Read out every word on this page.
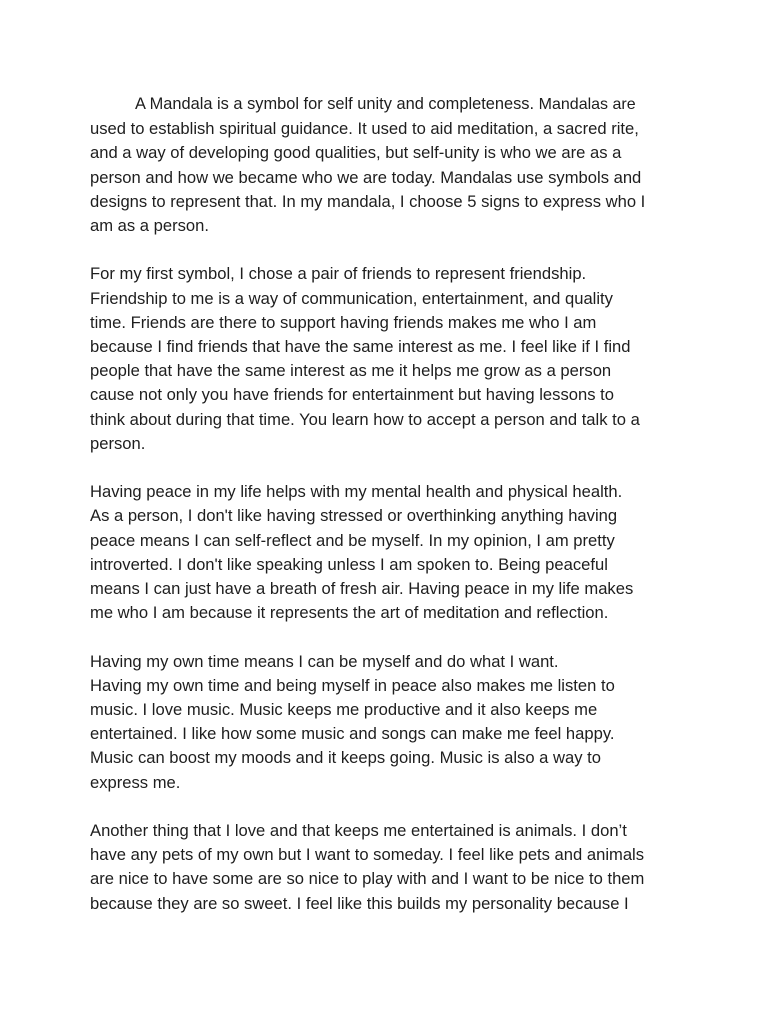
A Mandala is a symbol for self unity and completeness. Mandalas are
used to establish spiritual guidance. It used to aid meditation, a sacred rite,
and a way of developing good qualities, but self-unity is who we are as a
person and how we became who we are today. Mandalas use symbols and
designs to represent that. In my mandala, I choose 5 signs to express who I
am as a person.

For my first symbol, I chose a pair of friends to represent friendship.
Friendship to me is a way of communication, entertainment, and quality
time. Friends are there to support having friends makes me who I am
because I find friends that have the same interest as me. I feel like if I find
people that have the same interest as me it helps me grow as a person
cause not only you have friends for entertainment but having lessons to
think about during that time. You learn how to accept a person and talk to a
person.

Having peace in my life helps with my mental health and physical health.
As a person, I don't like having stressed or overthinking anything having
peace means I can self-reflect and be myself. In my opinion, I am pretty
introverted. I don't like speaking unless I am spoken to. Being peaceful
means I can just have a breath of fresh air. Having peace in my life makes
me who I am because it represents the art of meditation and reflection.

Having my own time means I can be myself and do what I want.
Having my own time and being myself in peace also makes me listen to
music. I love music. Music keeps me productive and it also keeps me
entertained. I like how some music and songs can make me feel happy.
Music can boost my moods and it keeps going. Music is also a way to
express me.

Another thing that I love and that keeps me entertained is animals. I don’t
have any pets of my own but I want to someday. I feel like pets and animals
are nice to have some are so nice to play with and I want to be nice to them
because they are so sweet. I feel like this builds my personality because I
